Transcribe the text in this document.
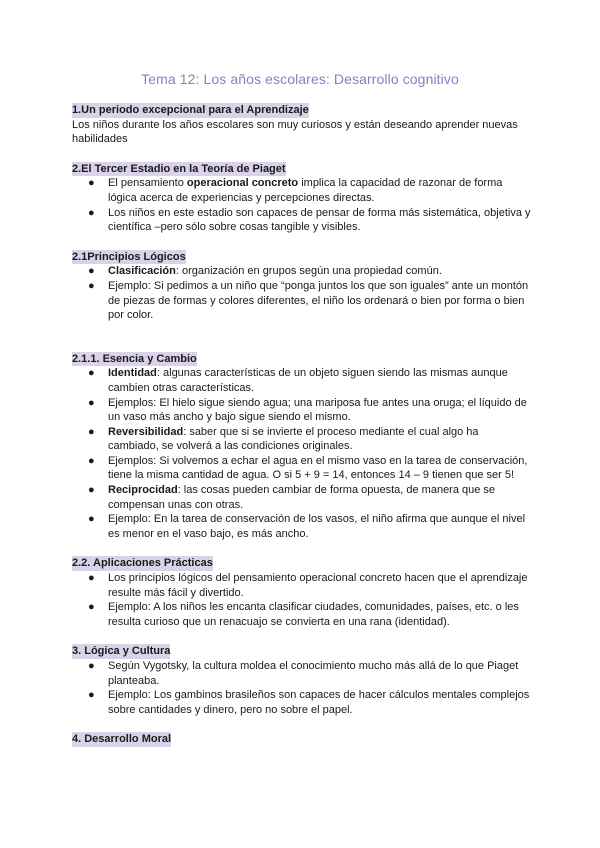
Tema 12: Los años escolares: Desarrollo cognitivo
1.Un periodo excepcional para el Aprendizaje

Los niños durante los años escolares son muy curiosos y están deseando aprender nuevas habilidades

2.El Tercer Estadio en la Teoría de Piaget
● El pensamiento operacional concreto implica la capacidad de razonar de forma lógica acerca de experiencias y percepciones directas.
● Los niños en este estadio son capaces de pensar de forma más sistemática, objetiva y científica –pero sólo sobre cosas tangible y visibles.
2.1Principios Lógicos
● Clasificación: organización en grupos según una propiedad común.
● Ejemplo: Si pedimos a un niño que “ponga juntos los que son iguales” ante un montón de piezas de formas y colores diferentes, el niño los ordenará o bien por forma o bien por color.
2.1.1. Esencia y Cambio
● Identidad: algunas características de un objeto siguen siendo las mismas aunque cambien otras características.
● Ejemplos: El hielo sigue siendo agua; una mariposa fue antes una oruga; el líquido de un vaso más ancho y bajo sigue siendo el mismo.
● Reversibilidad: saber que si se invierte el proceso mediante el cual algo ha cambiado, se volverá a las condiciones originales.
● Ejemplos: Si volvemos a echar el agua en el mismo vaso en la tarea de conservación, tiene la misma cantidad de agua. O si 5 + 9 = 14, entonces 14 – 9 tienen que ser 5!
● Reciprocidad: las cosas pueden cambiar de forma opuesta, de manera que se compensan unas con otras.
● Ejemplo: En la tarea de conservación de los vasos, el niño afirma que aunque el nivel es menor en el vaso bajo, es más ancho.
2.2. Aplicaciones Prácticas
● Los principios lógicos del pensamiento operacional concreto hacen que el aprendizaje resulte más fácil y divertido.
● Ejemplo: A los niños les encanta clasificar ciudades, comunidades, países, etc. o les resulta curioso que un renacuajo se convierta en una rana (identidad).
3. Lógica y Cultura
● Según Vygotsky, la cultura moldea el conocimiento mucho más allá de lo que Piaget planteaba.
● Ejemplo: Los gambinos brasileños son capaces de hacer cálculos mentales complejos sobre cantidades y dinero, pero no sobre el papel.
4. Desarrollo Moral
